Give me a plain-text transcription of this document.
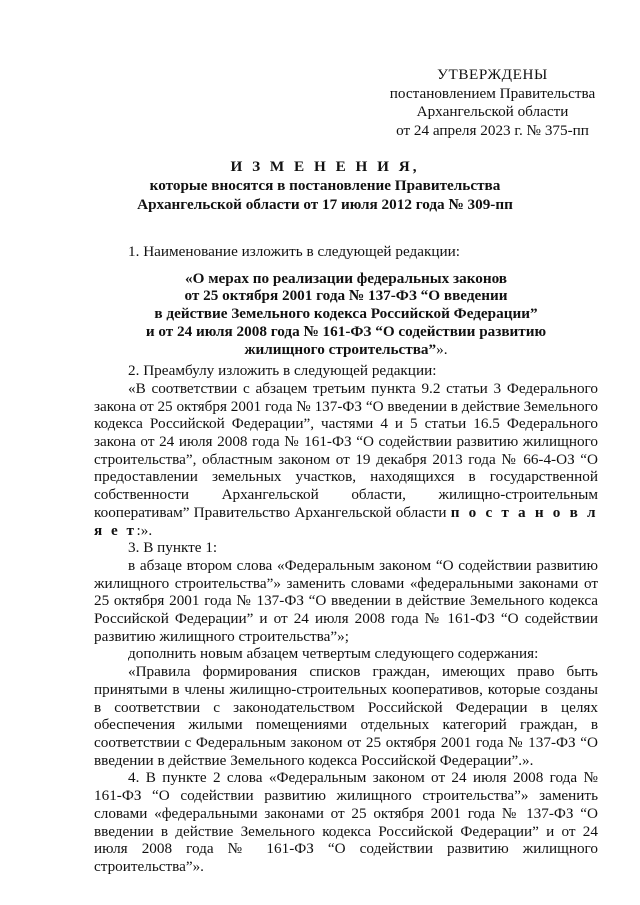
УТВЕРЖДЕНЫ
постановлением Правительства
Архангельской области
от 24 апреля 2023 г. № 375-пп
И З М Е Н Е Н И Я,
которые вносятся в постановление Правительства
Архангельской области от 17 июля 2012 года № 309-пп

1. Наименование изложить в следующей редакции:

«О мерах по реализации федеральных законов
от 25 октября 2001 года № 137-ФЗ “О введении
в действие Земельного кодекса Российской Федерации”
и от 24 июля 2008 года № 161-ФЗ “О содействии развитию
жилищного строительства”».

2. Преамбулу изложить в следующей редакции:

«В соответствии с абзацем третьим пункта 9.2 статьи 3 Федерального закона от 25 октября 2001 года № 137-ФЗ “О введении в действие Земельного кодекса Российской Федерации”, частями 4 и 5 статьи 16.5 Федерального закона от 24 июля 2008 года № 161-ФЗ “О содействии развитию жилищного строительства”, областным законом от 19 декабря 2013 года № 66-4-ОЗ “О предоставлении земельных участков, находящихся в государственной собственности Архангельской области, жилищно-строительным кооперативам” Правительство Архангельской области п о с т а н о в л я е т:».

3. В пункте 1:

в абзаце втором слова «Федеральным законом “О содействии развитию жилищного строительства”» заменить словами «федеральными законами от 25 октября 2001 года № 137-ФЗ “О введении в действие Земельного кодекса Российской Федерации” и от 24 июля 2008 года № 161-ФЗ “О содействии развитию жилищного строительства”»;

дополнить новым абзацем четвертым следующего содержания:

«Правила формирования списков граждан, имеющих право быть принятыми в члены жилищно-строительных кооперативов, которые созданы в соответствии с законодательством Российской Федерации в целях обеспечения жилыми помещениями отдельных категорий граждан, в соответствии с Федеральным законом от 25 октября 2001 года № 137-ФЗ “О введении в действие Земельного кодекса Российской Федерации”.».

4. В пункте 2 слова «Федеральным законом от 24 июля 2008 года № 161-ФЗ “О содействии развитию жилищного строительства”» заменить словами «федеральными законами от 25 октября 2001 года № 137-ФЗ “О введении в действие Земельного кодекса Российской Федерации” и от 24 июля 2008 года № 161-ФЗ “О содействии развитию жилищного строительства”».
